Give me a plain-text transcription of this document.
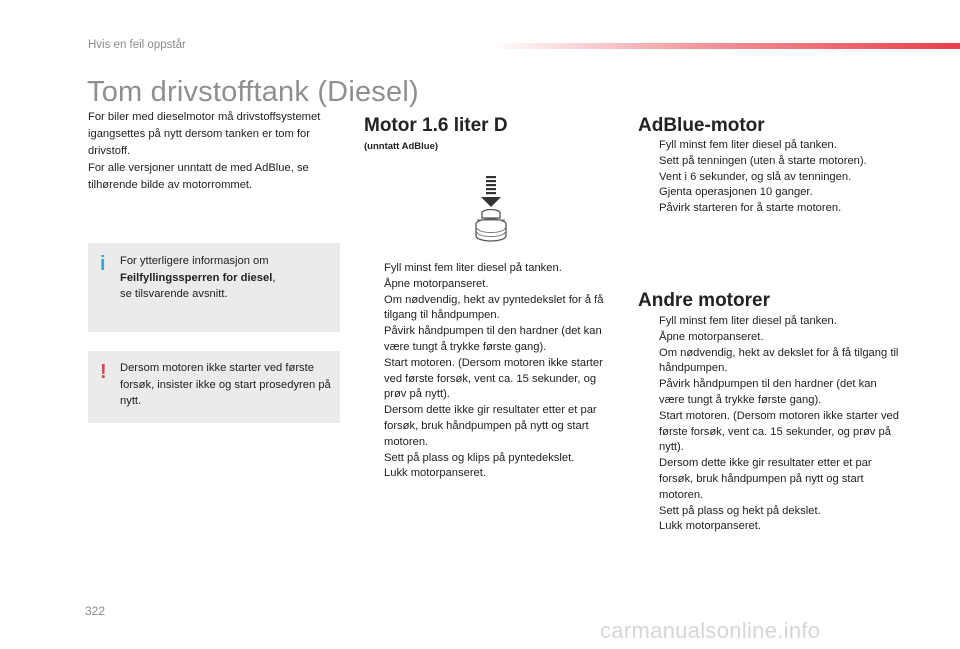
Hvis en feil oppstår
Tom drivstofftank (Diesel)

For biler med dieselmotor må drivstoffsystemet igangsettes på nytt dersom tanken er tom for drivstoff.

For alle versjoner unntatt de med AdBlue, se tilhørende bilde av motorrommet.

i For ytterligere informasjon om Feilfyllingssperren for diesel,
se tilsvarende avsnitt.
! Dersom motoren ikke starter ved første forsøk, insister ikke og start prosedyren på nytt.
Motor 1.6 liter D
(unntatt AdBlue)
Fyll minst fem liter diesel på tanken.
Åpne motorpanseret.
Om nødvendig, hekt av pyntedekslet for å få tilgang til håndpumpen.
Påvirk håndpumpen til den hardner (det kan være tungt å trykke første gang).
Start motoren. (Dersom motoren ikke starter ved første forsøk, vent ca. 15 sekunder, og prøv på nytt).
Dersom dette ikke gir resultater etter et par forsøk, bruk håndpumpen på nytt og start motoren.
Sett på plass og klips på pyntedekslet.
Lukk motorpanseret.
AdBlue-motor
Fyll minst fem liter diesel på tanken.
Sett på tenningen (uten å starte motoren).
Vent i 6 sekunder, og slå av tenningen.
Gjenta operasjonen 10 ganger.
Påvirk starteren for å starte motoren.
Andre motorer
Fyll minst fem liter diesel på tanken.
Åpne motorpanseret.
Om nødvendig, hekt av dekslet for å få tilgang til håndpumpen.
Påvirk håndpumpen til den hardner (det kan være tungt å trykke første gang).
Start motoren. (Dersom motoren ikke starter ved første forsøk, vent ca. 15 sekunder, og prøv på nytt).
Dersom dette ikke gir resultater etter et par forsøk, bruk håndpumpen på nytt og start motoren.
Sett på plass og hekt på dekslet.
Lukk motorpanseret.
322
carmanualsonline.info
